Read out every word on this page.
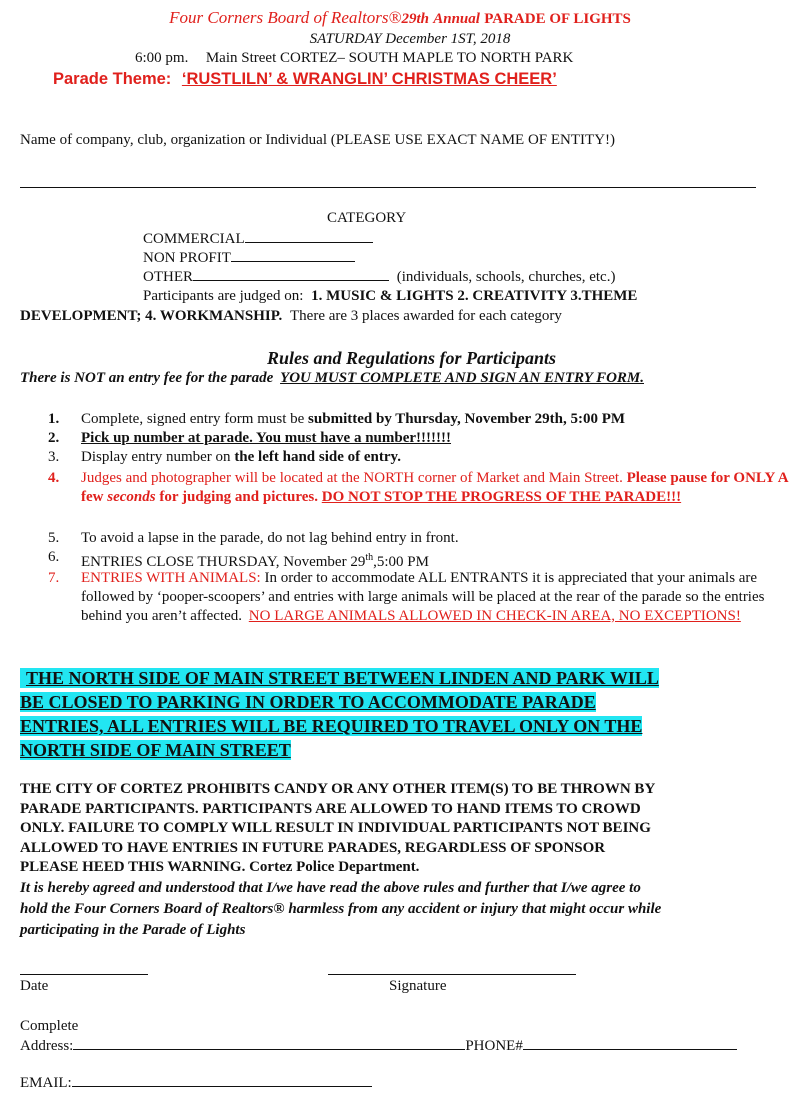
Four Corners Board of Realtors®29th Annual PARADE OF LIGHTS
SATURDAY December 1ST, 2018
6:00 pm. Main Street CORTEZ– SOUTH MAPLE TO NORTH PARK
Parade Theme: ‘RUSTLILN’ & WRANGLIN’ CHRISTMAS CHEER’
Name of company, club, organization or Individual (PLEASE USE EXACT NAME OF ENTITY!)
CATEGORY
COMMERCIAL
NON PROFIT
OTHER	(individuals, schools, churches, etc.)
Participants are judged on: 1. MUSIC & LIGHTS 2. CREATIVITY 3.THEME
DEVELOPMENT; 4. WORKMANSHIP. There are 3 places awarded for each category
Rules and Regulations for Participants
There is NOT an entry fee for the parade YOU MUST COMPLETE AND SIGN AN ENTRY FORM.
1.	Complete, signed entry form must be submitted by Thursday, November 29th, 5:00 PM
2.	Pick up number at parade. You must have a number!!!!!!!
3.	Display entry number on the left hand side of entry.
4.	Judges and photographer will be located at the NORTH corner of Market and Main Street. Please pause for ONLY A few seconds for judging and pictures. DO NOT STOP THE PROGRESS OF THE PARADE!!!
5.	To avoid a lapse in the parade, do not lag behind entry in front.
6.	ENTRIES CLOSE THURSDAY, November 29th,5:00 PM
7.	ENTRIES WITH ANIMALS: In order to accommodate ALL ENTRANTS it is appreciated that your animals are followed by ‘pooper-scoopers’ and entries with large animals will be placed at the rear of the parade so the entries behind you aren’t affected. NO LARGE ANIMALS ALLOWED IN CHECK-IN AREA, NO EXCEPTIONS!
THE NORTH SIDE OF MAIN STREET BETWEEN LINDEN AND PARK WILL
BE CLOSED TO PARKING IN ORDER TO ACCOMMODATE PARADE
ENTRIES, ALL ENTRIES WILL BE REQUIRED TO TRAVEL ONLY ON THE
NORTH SIDE OF MAIN STREET
THE CITY OF CORTEZ PROHIBITS CANDY OR ANY OTHER ITEM(S) TO BE THROWN BY
PARADE PARTICIPANTS. PARTICIPANTS ARE ALLOWED TO HAND ITEMS TO CROWD
ONLY. FAILURE TO COMPLY WILL RESULT IN INDIVIDUAL PARTICIPANTS NOT BEING
ALLOWED TO HAVE ENTRIES IN FUTURE PARADES, REGARDLESS OF SPONSOR
PLEASE HEED THIS WARNING. Cortez Police Department.
It is hereby agreed and understood that I/we have read the above rules and further that I/we agree to
hold the Four Corners Board of Realtors® harmless from any accident or injury that might occur while
participating in the Parade of Lights
Date	Signature
Complete
Address:	PHONE#
EMAIL:
